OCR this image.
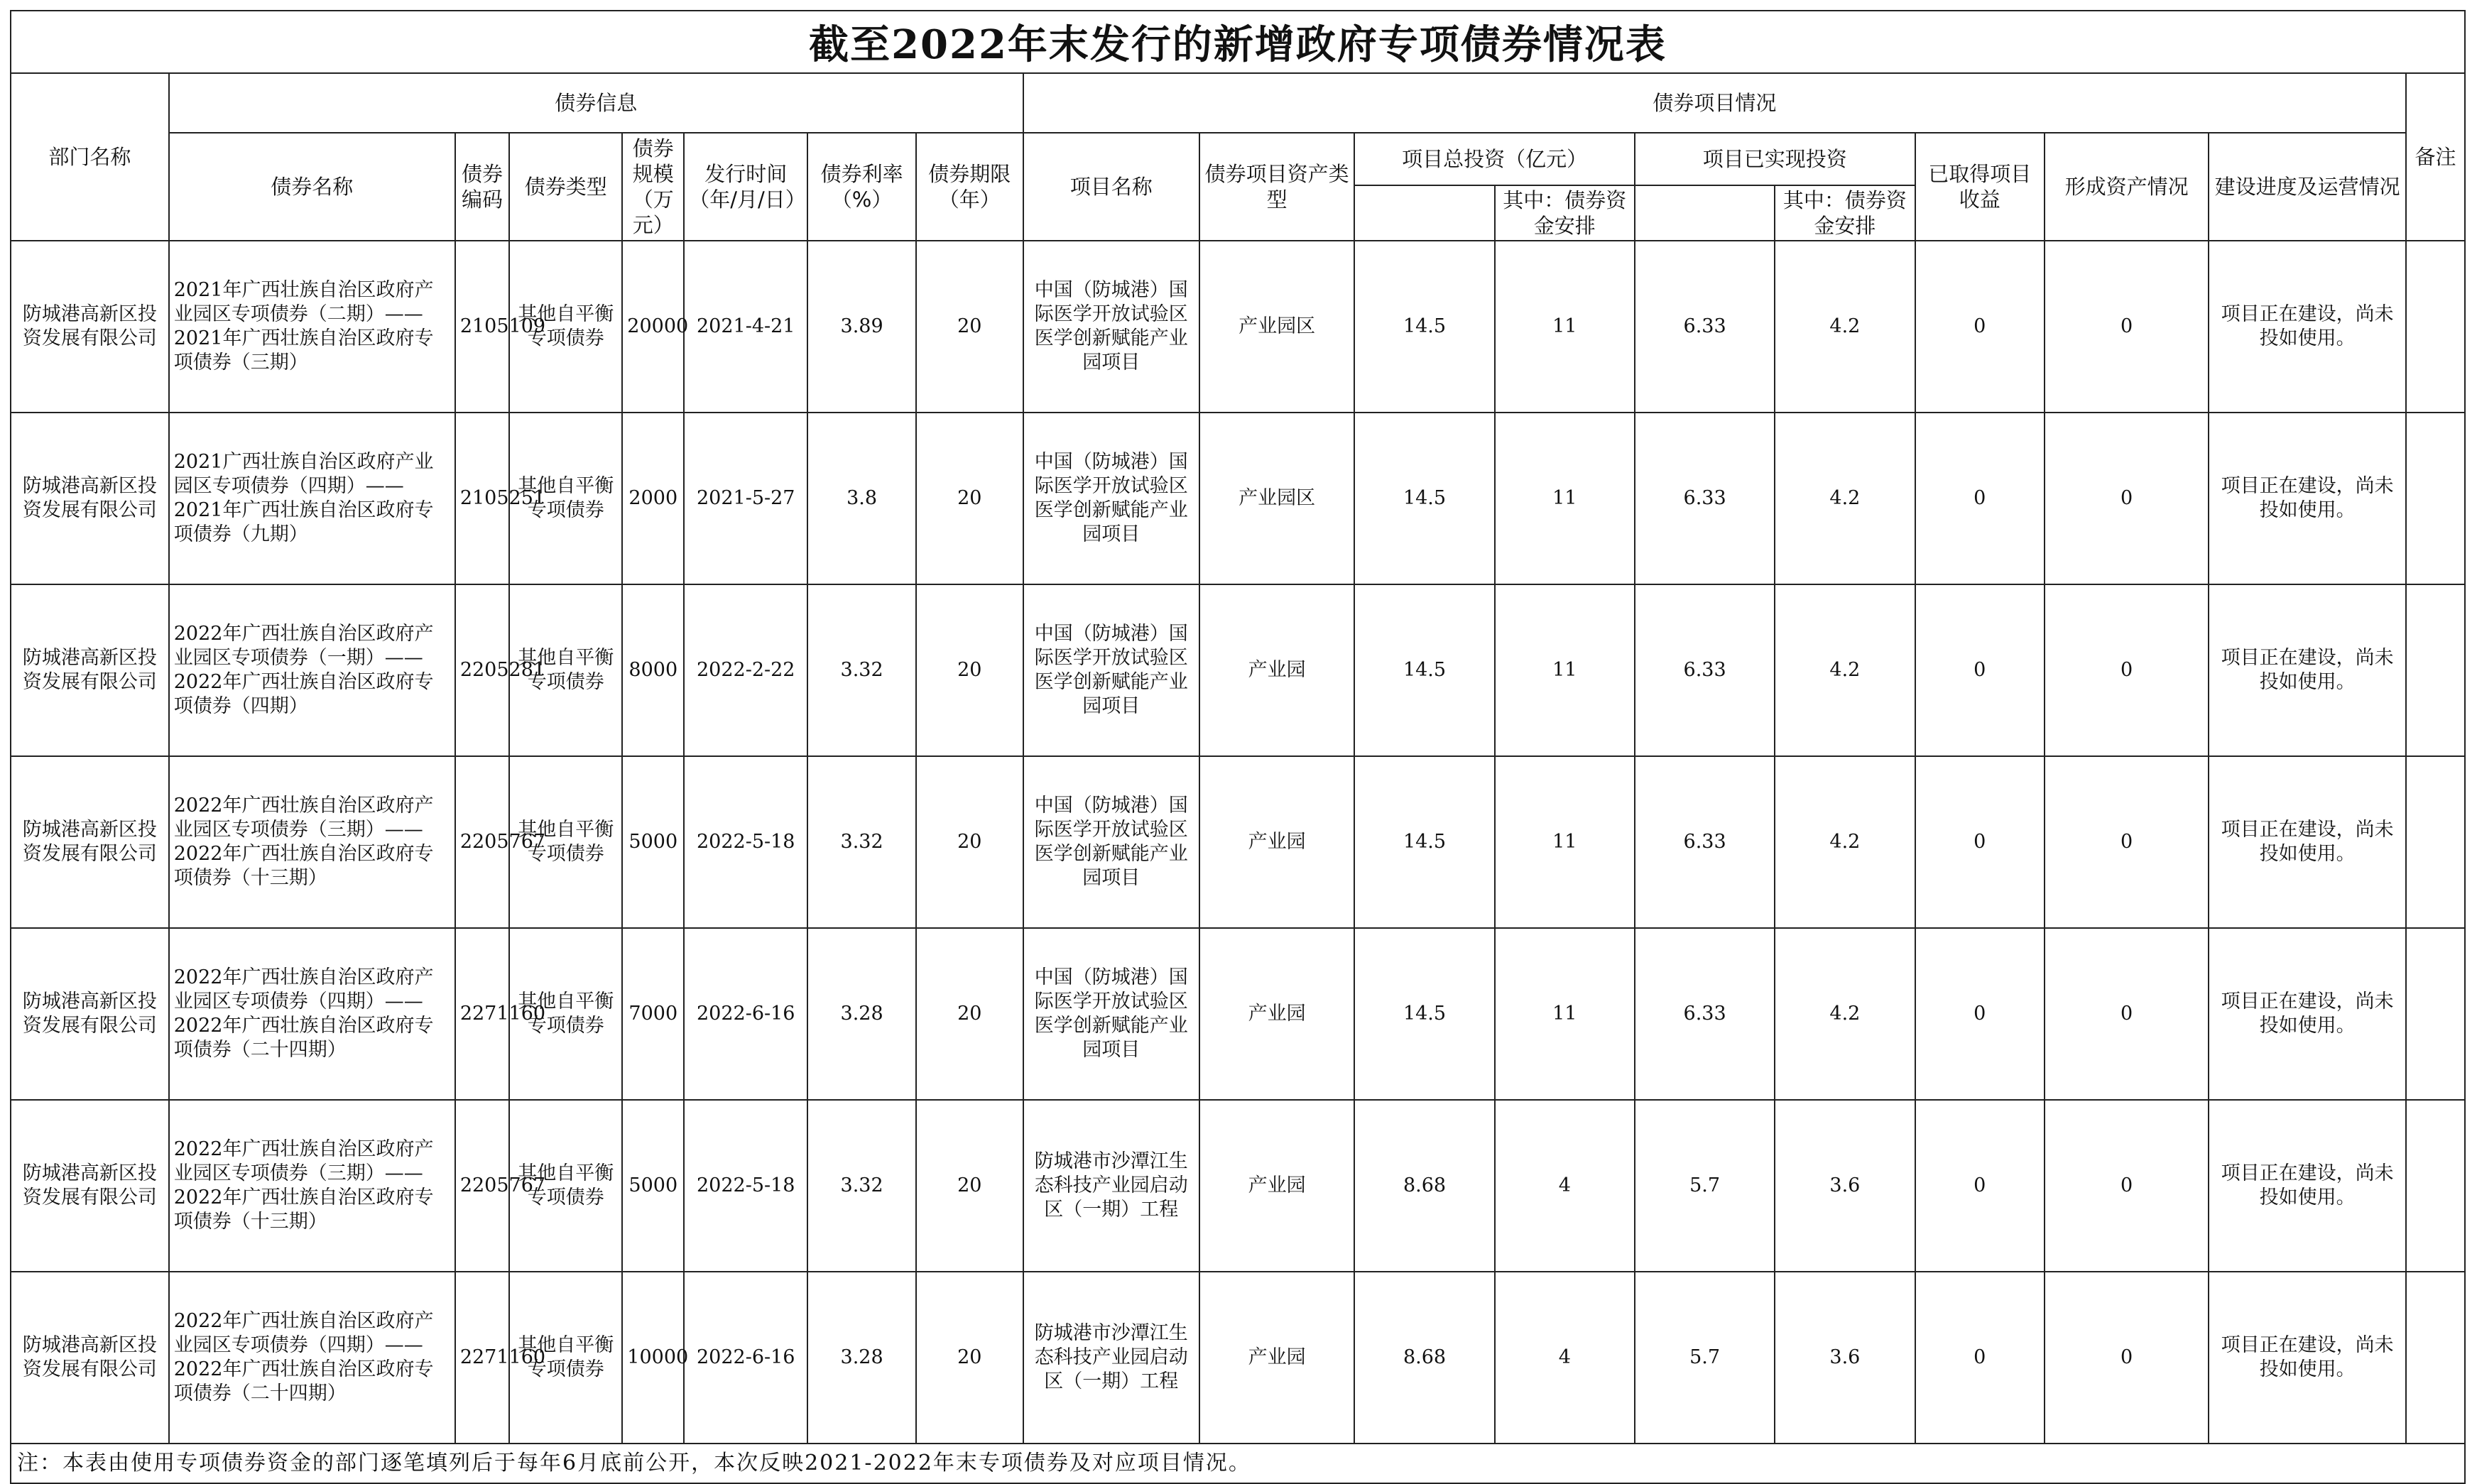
截至2022年末发行的新增政府专项债券情况表
部门名称	债券信息							债券项目情况									备注
	债券名称	债券编码	债券类型	债券规模（万元）	发行时间（年/月/日）	债券利率（%）	债券期限（年）	项目名称	债券项目资产类型	项目总投资（亿元）		项目已实现投资		已取得项目收益	形成资产情况	建设进度及运营情况	
											其中：债券资金安排		其中：债券资金安排				
防城港高新区投资发展有限公司	2021年广西壮族自治区政府产业园区专项债券（二期）——2021年广西壮族自治区政府专项债券（三期）	2105109	其他自平衡专项债券	20000	2021-4-21	3.89	20	中国（防城港）国际医学开放试验区医学创新赋能产业园项目	产业园区	14.5	11	6.33	4.2	0	0	项目正在建设，尚未投如使用。	
防城港高新区投资发展有限公司	2021广西壮族自治区政府产业园区专项债券（四期）——2021年广西壮族自治区政府专项债券（九期）	2105251	其他自平衡专项债券	2000	2021-5-27	3.8	20	中国（防城港）国际医学开放试验区医学创新赋能产业园项目	产业园区	14.5	11	6.33	4.2	0	0	项目正在建设，尚未投如使用。	
防城港高新区投资发展有限公司	2022年广西壮族自治区政府产业园区专项债券（一期）——2022年广西壮族自治区政府专项债券（四期）	2205281	其他自平衡专项债券	8000	2022-2-22	3.32	20	中国（防城港）国际医学开放试验区医学创新赋能产业园项目	产业园	14.5	11	6.33	4.2	0	0	项目正在建设，尚未投如使用。	
防城港高新区投资发展有限公司	2022年广西壮族自治区政府产业园区专项债券（三期）——2022年广西壮族自治区政府专项债券（十三期）	2205767	其他自平衡专项债券	5000	2022-5-18	3.32	20	中国（防城港）国际医学开放试验区医学创新赋能产业园项目	产业园	14.5	11	6.33	4.2	0	0	项目正在建设，尚未投如使用。	
防城港高新区投资发展有限公司	2022年广西壮族自治区政府产业园区专项债券（四期）——2022年广西壮族自治区政府专项债券（二十四期）	2271160	其他自平衡专项债券	7000	2022-6-16	3.28	20	中国（防城港）国际医学开放试验区医学创新赋能产业园项目	产业园	14.5	11	6.33	4.2	0	0	项目正在建设，尚未投如使用。	
防城港高新区投资发展有限公司	2022年广西壮族自治区政府产业园区专项债券（三期）——2022年广西壮族自治区政府专项债券（十三期）	2205767	其他自平衡专项债券	5000	2022-5-18	3.32	20	防城港市沙潭江生态科技产业园启动区（一期）工程	产业园	8.68	4	5.7	3.6	0	0	项目正在建设，尚未投如使用。	
防城港高新区投资发展有限公司	2022年广西壮族自治区政府产业园区专项债券（四期）——2022年广西壮族自治区政府专项债券（二十四期）	2271160	其他自平衡专项债券	10000	2022-6-16	3.28	20	防城港市沙潭江生态科技产业园启动区（一期）工程	产业园	8.68	4	5.7	3.6	0	0	项目正在建设，尚未投如使用。	
注：本表由使用专项债券资金的部门逐笔填列后于每年6月底前公开，本次反映2021-2022年末专项债券及对应项目情况。
